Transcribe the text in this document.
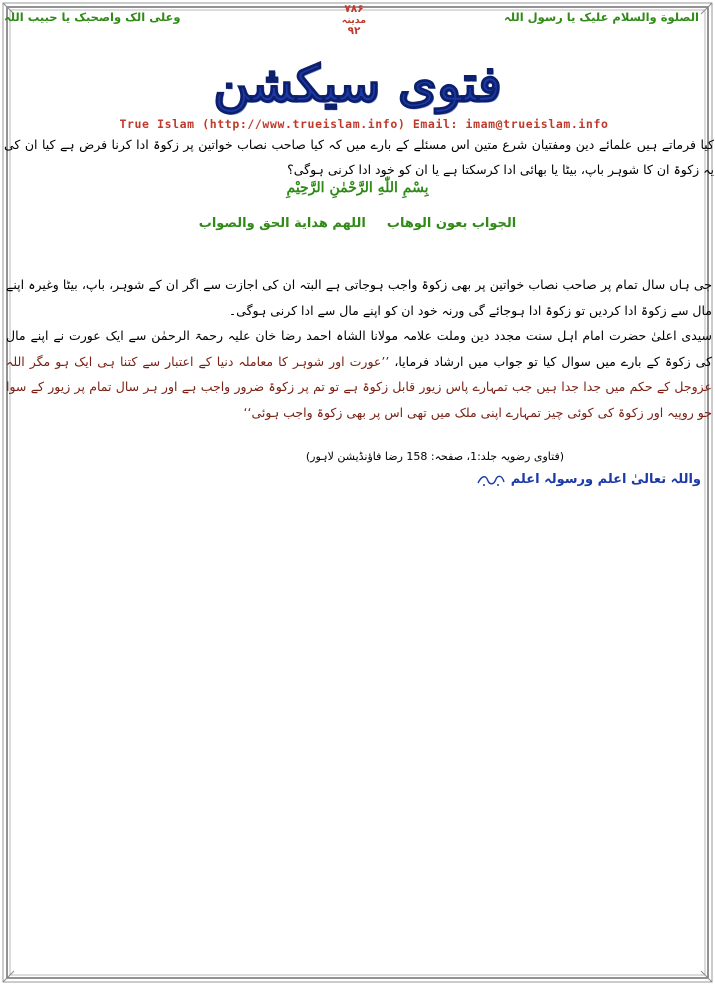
الصلوة والسلام علیک یا رسول اللہ
۷۸۶
مدینہ
۹۲
وعلی الک واصحبک یا حبیب اللہ
فتوی سیکشن
True Islam (http://www.trueislam.info) Email: imam@trueislam.info
کیا فرماتے ہیں علمائے دین ومفتیان شرع متین اس مسئلے کے بارے میں کہ کیا صاحب نصاب خواتین پر زکوۃ ادا کرنا فرض ہے کیا ان کی یہ زکوۃ ان کا شوہر باپ، بیٹا یا بھائی ادا کرسکتا ہے یا ان کو خود ادا کرنی ہوگی؟
بِسْمِ اللّٰهِ الرَّحْمٰنِ الرَّحِيْمِ
الجواب بعون الوهاب  اللهم هداية الحق والصواب

جی ہاں سال تمام پر صاحب نصاب خواتین پر بھی زکوۃ واجب ہوجاتی ہے البتہ ان کی اجازت سے اگر ان کے شوہر، باپ، بیٹا وغیرہ اپنے مال سے زکوۃ ادا کردیں تو زکوۃ ادا ہوجائے گی ورنہ خود ان کو اپنے مال سے ادا کرنی ہوگی۔

سیدی اعلیٰ حضرت امام اہل سنت مجدد دین وملت علامہ مولانا الشاہ احمد رضا خان علیہ رحمۃ الرحمٰن سے ایک عورت نے اپنے مال کی زکوۃ کے بارے میں سوال کیا تو جواب میں ارشاد فرمایا، ’’عورت اور شوہر کا معاملہ دنیا کے اعتبار سے کتنا ہی ایک ہو مگر اللہ عزوجل کے حکم میں جدا جدا ہیں جب تمہارے پاس زیور قابل زکوۃ ہے تو تم پر زکوۃ ضرور واجب ہے اور ہر سال تمام پر زیور کے سوا جو روپیہ اور زکوۃ کی کوئی چیز تمہارے اپنی ملک میں تھی اس پر بھی زکوۃ واجب ہوئی‘‘

(فتاوی رضویہ جلد:1، صفحہ: 158 رضا فاؤنڈیشن لاہور)
واللہ تعالیٰ اعلم ورسولہ اعلم
